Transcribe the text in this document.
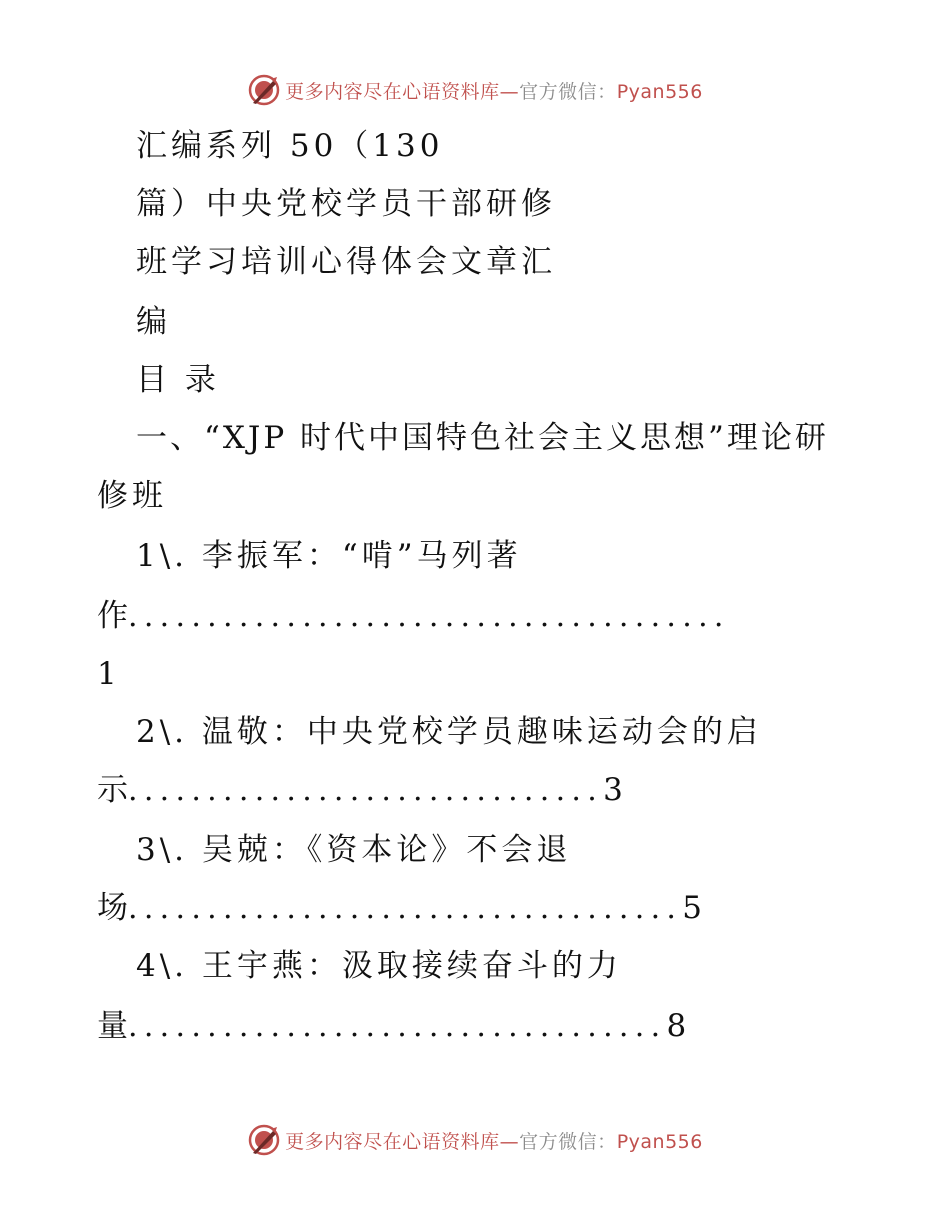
更多内容尽在心语资料库—官方微信：Pyan556
汇编系列 50（130
篇）中央党校学员干部研修
班学习培训心得体会文章汇
编
目 录
一、“XJP 时代中国特色社会主义思想”理论研
修班
1\. 李振军：“啃”马列著
作 ......................................
1
2\. 温敬：中央党校学员趣味运动会的启
示 .............................. 3
3\. 吴兢：《资本论》不会退
场 ................................... 5
4\. 王宇燕：汲取接续奋斗的力
量 .................................. 8
更多内容尽在心语资料库—官方微信：Pyan556
